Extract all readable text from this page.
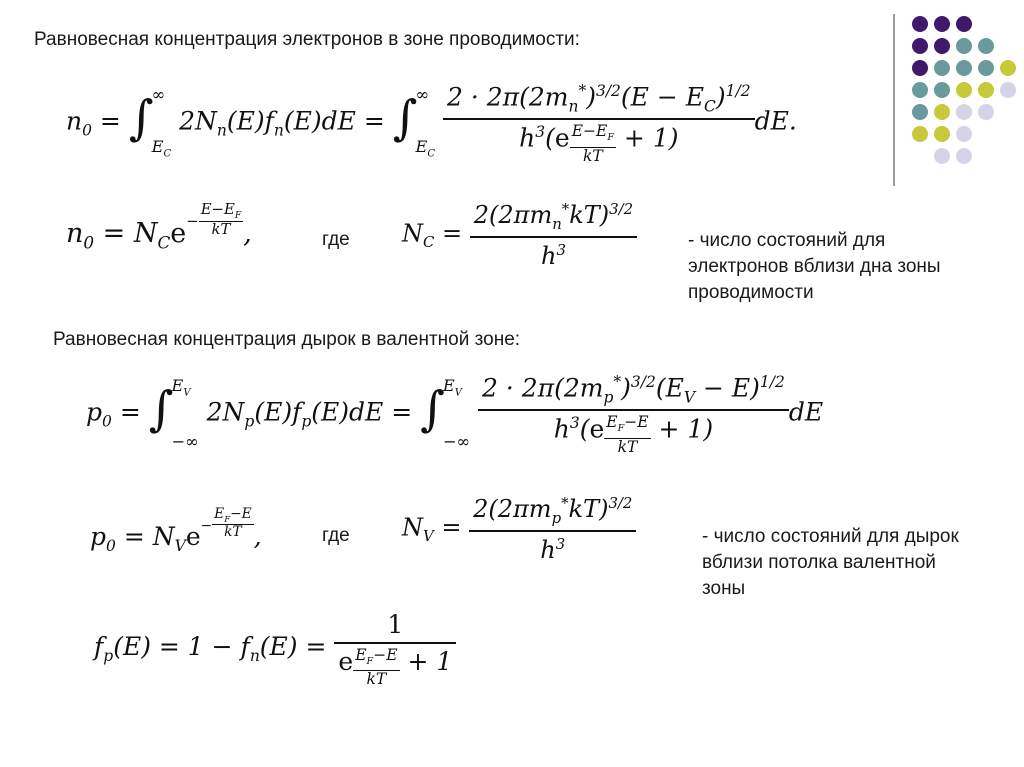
Равновесная концентрация электронов в зоне проводимости:
$n_0$ = ∫
∞
$E_C$
$2N_n(E)f_n(E)dE$ = ∫
∞
$E_C$
$\frac{2 \cdot 2\pi(2m_n^*)^{3/2}(E - E_C)^{1/2}}{h^3(e \frac{E-E_F}{kT} + 1)}$ dE.
$n_0 = N_Ce^{- \frac{E-E_F}{kT}}$ ,	где $N_C = \frac{2(2\pi m_n^*kT)^{3/2}}{h^3}$	- число состояний для
электронов вблизи дна зоны
проводимости
Равновесная концентрация дырок в валентной зоне:
$p_0$ = ∫
$E_V$
−∞
$2N_p(E)f_p(E)dE$ = ∫
$E_V$
−∞
$\frac{2 \cdot 2\pi(2m_p^*)^{3/2}(E_V - E)^{1/2}}{h^3(e \frac{E_F-E}{kT} + 1)}$ dE
$p_0 = N_Ve^{- \frac{E_F-E}{kT}}$ ,	где $N_V = \frac{2(2\pi m_p^*kT)^{3/2}}{h^3}$	- число состояний для дырок
вблизи потолка валентной
зоны
$f_p(E) = 1 - f_n(E) = \frac{1}{e \frac{E_F-E}{kT} + 1}$
